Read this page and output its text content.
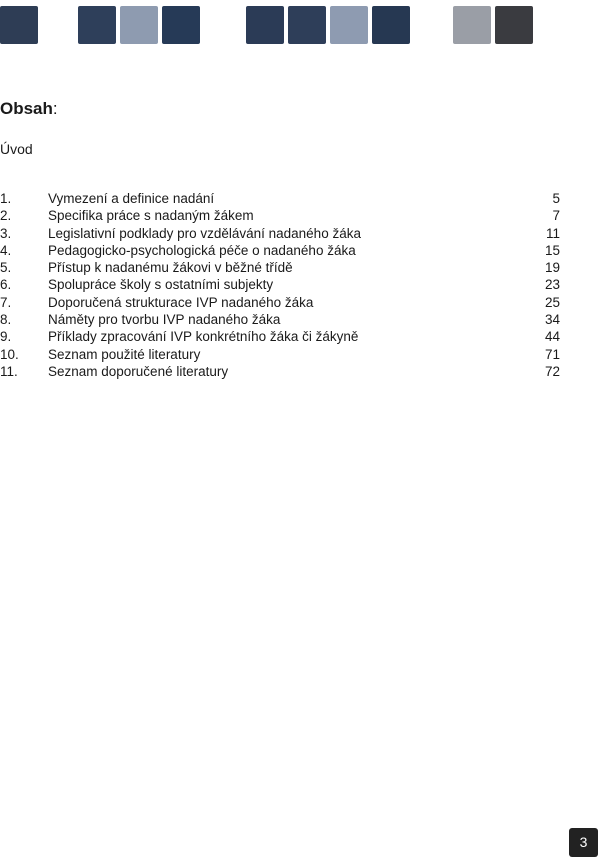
Obsah:
Úvod
1.	Vymezení a definice nadání	5
2.	Specifika práce s nadaným žákem	7
3.	Legislativní podklady pro vzdělávání nadaného žáka	11
4.	Pedagogicko-psychologická péče o nadaného žáka	15
5.	Přístup k nadanému žákovi v běžné třídě	19
6.	Spolupráce školy s ostatními subjekty	23
7.	Doporučená strukturace IVP nadaného žáka	25
8.	Náměty pro tvorbu IVP nadaného žáka	34
9.	Příklady zpracování IVP konkrétního žáka či žákyně	44
10. Seznam použité literatury	71
11. Seznam doporučené literatury	72
3
